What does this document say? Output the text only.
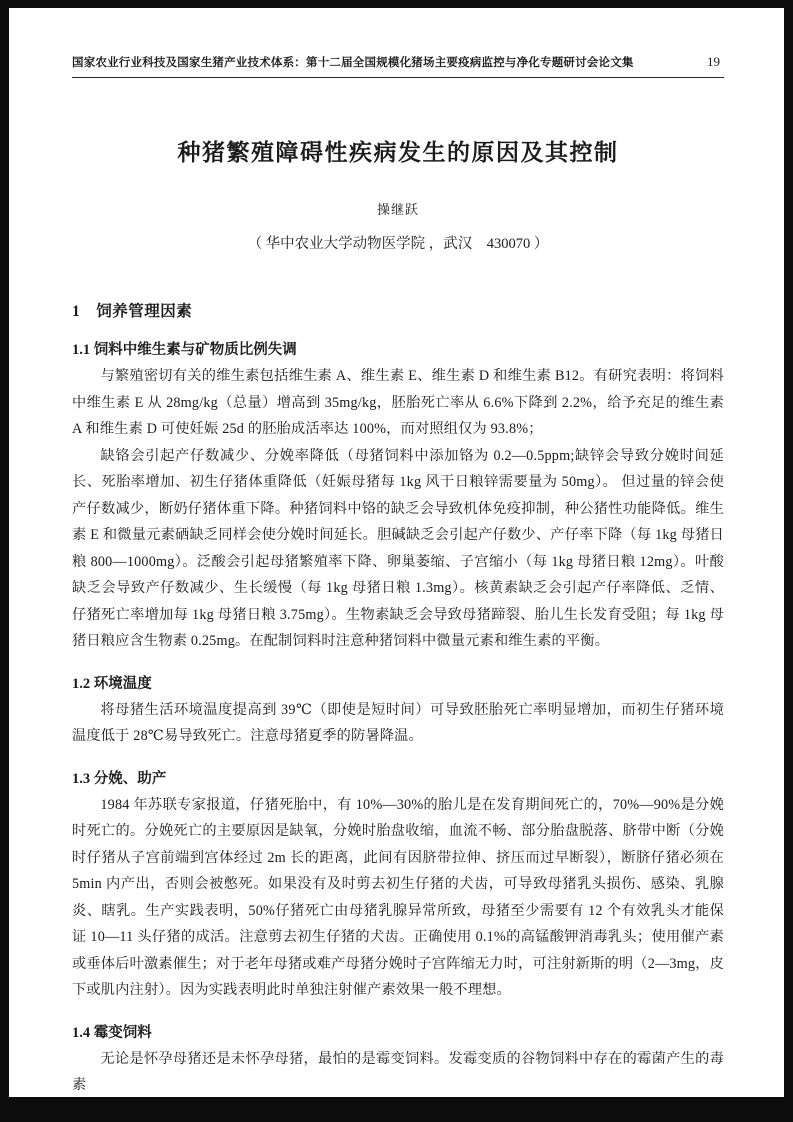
国家农业行业科技及国家生猪产业技术体系：第十二届全国规模化猪场主要疫病监控与净化专题研讨会论文集	19
种猪繁殖障碍性疾病发生的原因及其控制
操继跃
（ 华中农业大学动物医学院 ，武汉　430070 ）
1　饲养管理因素
1.1 饲料中维生素与矿物质比例失调

与繁殖密切有关的维生素包括维生素 A、维生素 E、维生素 D 和维生素 B12。有研究表明：将饲料中维生素 E 从 28mg/kg（总量）增高到 35mg/kg，胚胎死亡率从 6.6%下降到 2.2%，给予充足的维生素 A 和维生素 D 可使妊娠 25d 的胚胎成活率达 100%，而对照组仅为 93.8%；

缺铬会引起产仔数减少、分娩率降低（母猪饲料中添加铬为 0.2—0.5ppm;缺锌会导致分娩时间延长、死胎率增加、初生仔猪体重降低（妊娠母猪每 1kg 风干日粮锌需要量为 50mg）。 但过量的锌会使产仔数减少，断奶仔猪体重下降。种猪饲料中铬的缺乏会导致机体免疫抑制，种公猪性功能降低。维生素 E 和微量元素硒缺乏同样会使分娩时间延长。胆碱缺乏会引起产仔数少、产仔率下降（每 1kg 母猪日粮 800—1000mg）。泛酸会引起母猪繁殖率下降、卵巢萎缩、子宫缩小（每 1kg 母猪日粮 12mg）。叶酸缺乏会导致产仔数减少、生长缓慢（每 1kg 母猪日粮 1.3mg）。核黄素缺乏会引起产仔率降低、乏情、仔猪死亡率增加每 1kg 母猪日粮 3.75mg）。生物素缺乏会导致母猪蹄裂、胎儿生长发育受阻；每 1kg 母猪日粮应含生物素 0.25mg。在配制饲料时注意种猪饲料中微量元素和维生素的平衡。

1.2 环境温度

将母猪生活环境温度提高到 39℃（即使是短时间）可导致胚胎死亡率明显增加，而初生仔猪环境温度低于 28℃易导致死亡。注意母猪夏季的防暑降温。

1.3 分娩、助产

1984 年苏联专家报道，仔猪死胎中，有 10%—30%的胎儿是在发育期间死亡的，70%—90%是分娩时死亡的。分娩死亡的主要原因是缺氧，分娩时胎盘收缩，血流不畅、部分胎盘脱落、脐带中断（分娩时仔猪从子宫前端到宫体经过 2m 长的距离，此间有因脐带拉伸、挤压而过早断裂），断脐仔猪必须在 5min 内产出，否则会被憋死。如果没有及时剪去初生仔猪的犬齿，可导致母猪乳头损伤、感染、乳腺炎、瞎乳。生产实践表明，50%仔猪死亡由母猪乳腺异常所致，母猪至少需要有 12 个有效乳头才能保证 10—11 头仔猪的成活。注意剪去初生仔猪的犬齿。正确使用 0.1%的高锰酸钾消毒乳头；使用催产素或垂体后叶激素催生；对于老年母猪或难产母猪分娩时子宫阵缩无力时，可注射新斯的明（2—3mg，皮下或肌内注射）。因为实践表明此时单独注射催产素效果一般不理想。

1.4 霉变饲料

无论是怀孕母猪还是未怀孕母猪，最怕的是霉变饲料。发霉变质的谷物饲料中存在的霉菌产生的毒素
